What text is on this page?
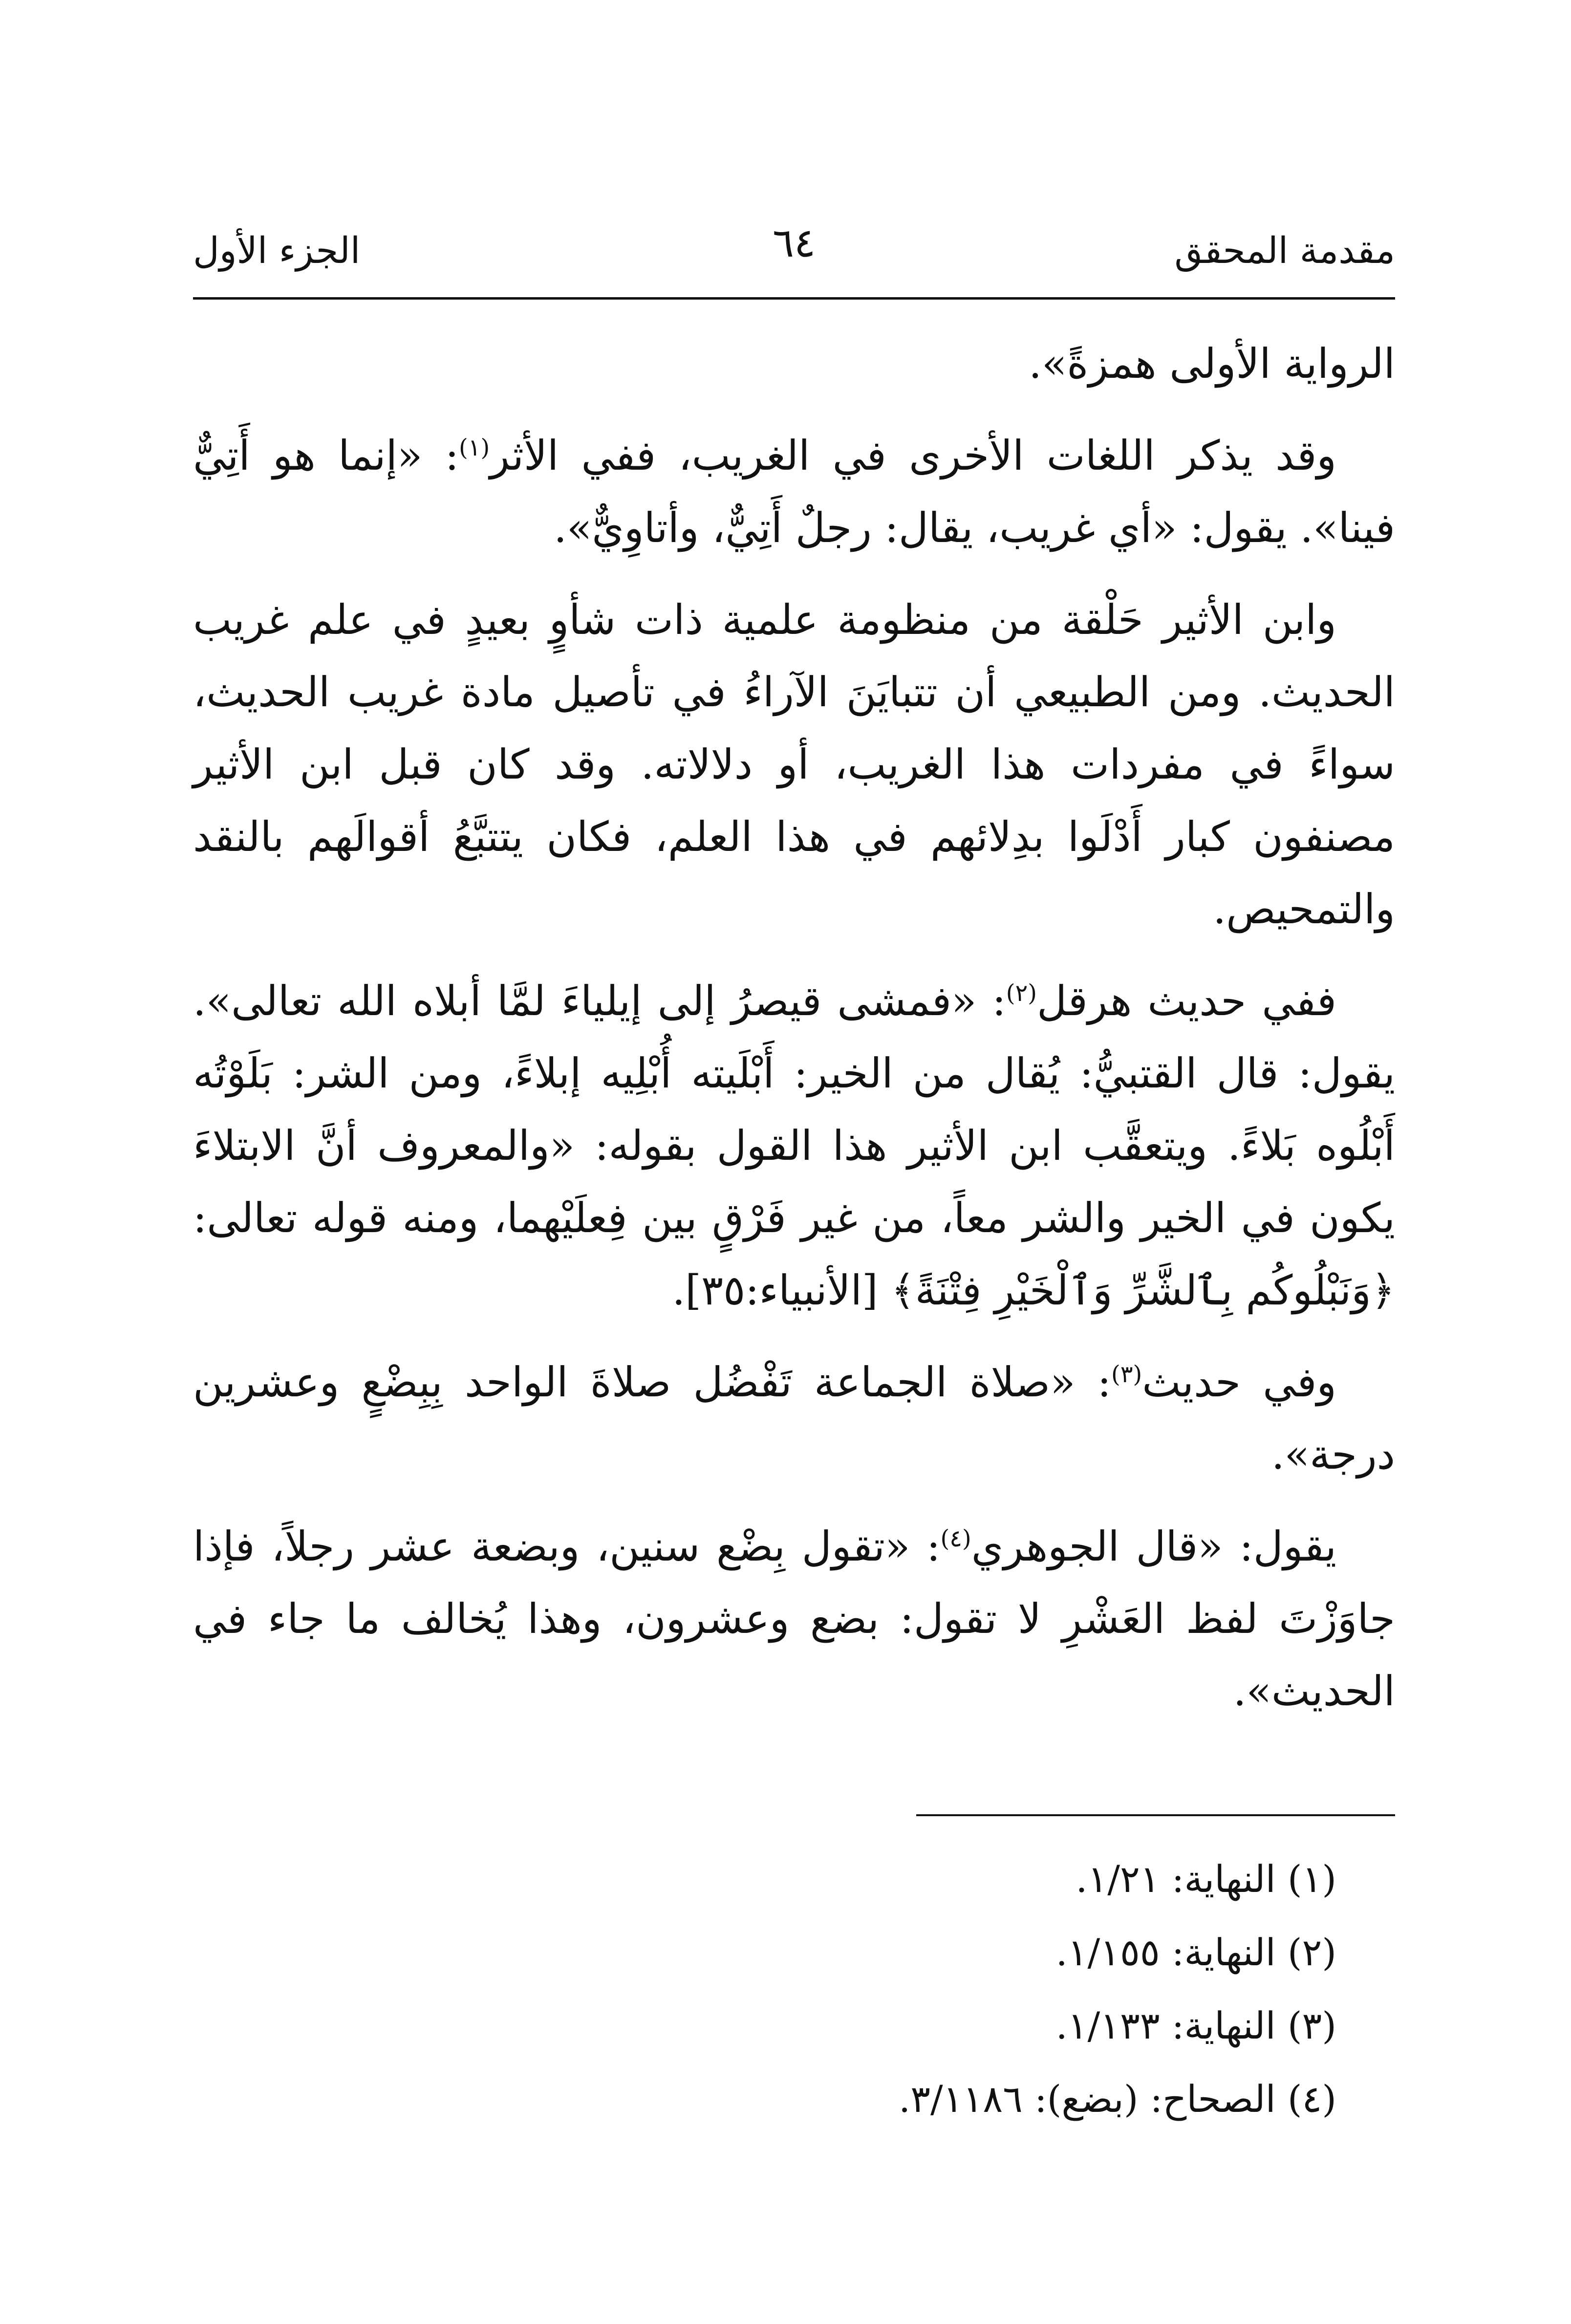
مقدمة المحقق
٦٤
الجزء الأول

الرواية الأولى همزةً».

وقد يذكر اللغات الأخرى في الغريب، ففي الأثر$^{(١)}$: «إنما هو أَتِيٌّ فينا». يقول: «أي غريب، يقال: رجلٌ أَتِيٌّ، وأتاوِيٌّ».

وابن الأثير حَلْقة من منظومة علمية ذات شأوٍ بعيدٍ في علم غريب الحديث. ومن الطبيعي أن تتبايَنَ الآراءُ في تأصيل مادة غريب الحديث، سواءً في مفردات هذا الغريب، أو دلالاته. وقد كان قبل ابن الأثير مصنفون كبار أَدْلَوا بدِلائهم في هذا العلم، فكان يتتبَّعُ أقوالَهم بالنقد والتمحيص.

ففي حديث هرقل$^{(٢)}$: «فمشى قيصرُ إلى إيلياءَ لمَّا أبلاه الله تعالى». يقول: قال القتبيُّ: يُقال من الخير: أَبْلَيته أُبْلِيه إبلاءً، ومن الشر: بَلَوْتُه أَبْلُوه بَلاءً. ويتعقَّب ابن الأثير هذا القول بقوله: «والمعروف أنَّ الابتلاءَ يكون في الخير والشر معاً، من غير فَرْقٍ بين فِعلَيْهما، ومنه قوله تعالى: ﴿وَنَبْلُوكُم بِٱلشَّرِّ وَٱلْخَيْرِ فِتْنَةً﴾ [الأنبياء:٣٥].

وفي حديث$^{(٣)}$: «صلاة الجماعة تَفْضُل صلاةَ الواحد بِبِضْعٍ وعشرين درجة».

يقول: «قال الجوهري$^{(٤)}$: «تقول بِضْع سنين، وبضعة عشر رجلاً، فإذا جاوَزْتَ لفظ العَشْرِ لا تقول: بضع وعشرون، وهذا يُخالف ما جاء في الحديث».

(١) النهاية: ١/٢١.

(٢) النهاية: ١/١٥٥.

(٣) النهاية: ١/١٣٣.

(٤) الصحاح: (بضع): ٣/١١٨٦.
